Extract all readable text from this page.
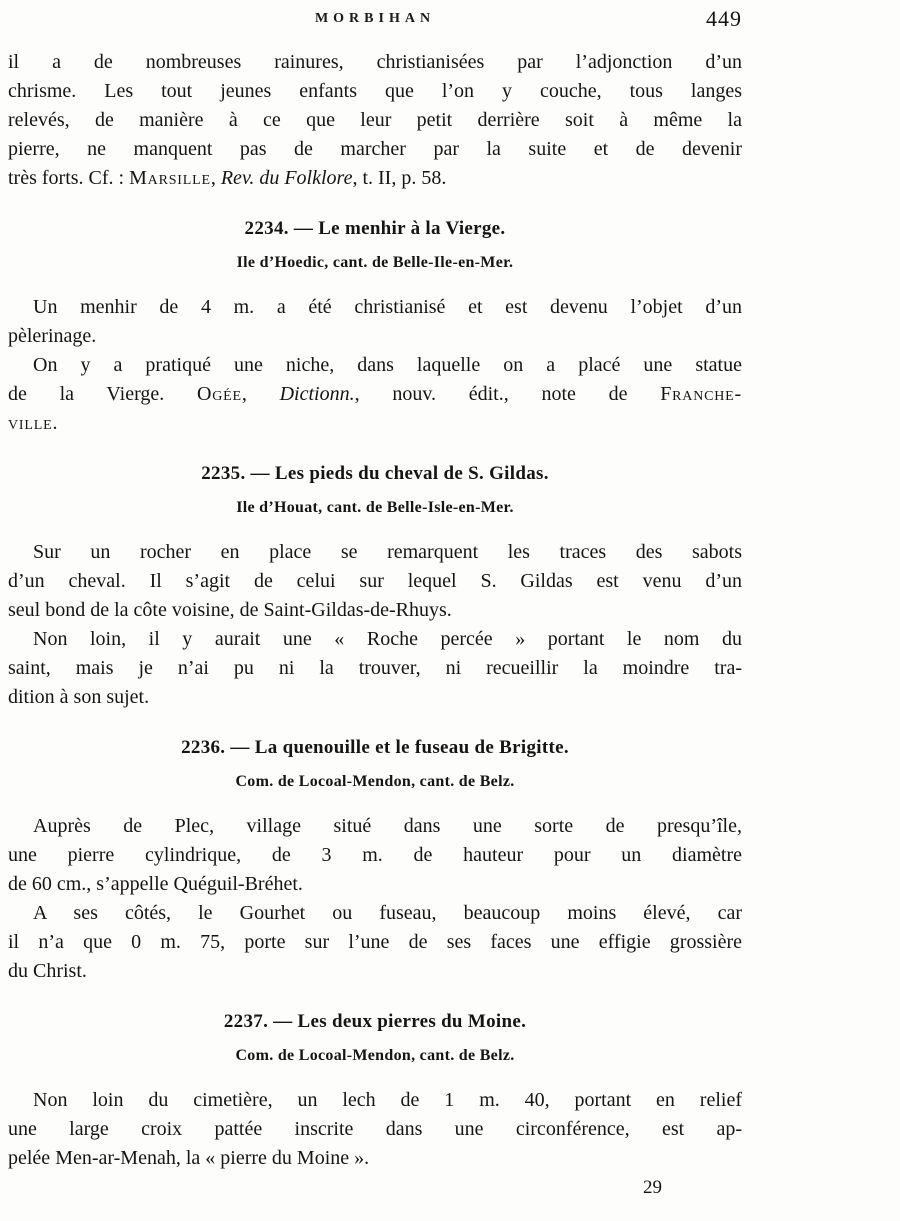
MORBIHAN	449
il a de nombreuses rainures, christianisées par l’adjonction d’un
chrisme. Les tout jeunes enfants que l’on y couche, tous langes
relevés, de manière à ce que leur petit derrière soit à même la
pierre, ne manquent pas de marcher par la suite et de devenir
très forts. Cf. : Marsille, Rev. du Folklore, t. II, p. 58.
2234. — Le menhir à la Vierge.
Ile d’Hoedic, cant. de Belle-Ile-en-Mer.
Un menhir de 4 m. a été christianisé et est devenu l’objet d’un
pèlerinage.
On y a pratiqué une niche, dans laquelle on a placé une statue
de la Vierge. Ogée, Dictionn., nouv. édit., note de Franche-
ville.
2235. — Les pieds du cheval de S. Gildas.
Ile d’Houat, cant. de Belle-Isle-en-Mer.
Sur un rocher en place se remarquent les traces des sabots
d’un cheval. Il s’agit de celui sur lequel S. Gildas est venu d’un
seul bond de la côte voisine, de Saint-Gildas-de-Rhuys.
Non loin, il y aurait une « Roche percée » portant le nom du
saint, mais je n’ai pu ni la trouver, ni recueillir la moindre tra-
dition à son sujet.
2236. — La quenouille et le fuseau de Brigitte.
Com. de Locoal-Mendon, cant. de Belz.
Auprès de Plec, village situé dans une sorte de presqu’île,
une pierre cylindrique, de 3 m. de hauteur pour un diamètre
de 60 cm., s’appelle Quéguil-Bréhet.
A ses côtés, le Gourhet ou fuseau, beaucoup moins élevé, car
il n’a que 0 m. 75, porte sur l’une de ses faces une effigie grossière
du Christ.
2237. — Les deux pierres du Moine.
Com. de Locoal-Mendon, cant. de Belz.
Non loin du cimetière, un lech de 1 m. 40, portant en relief
une large croix pattée inscrite dans une circonférence, est ap-
pelée Men-ar-Menah, la « pierre du Moine ».
29
